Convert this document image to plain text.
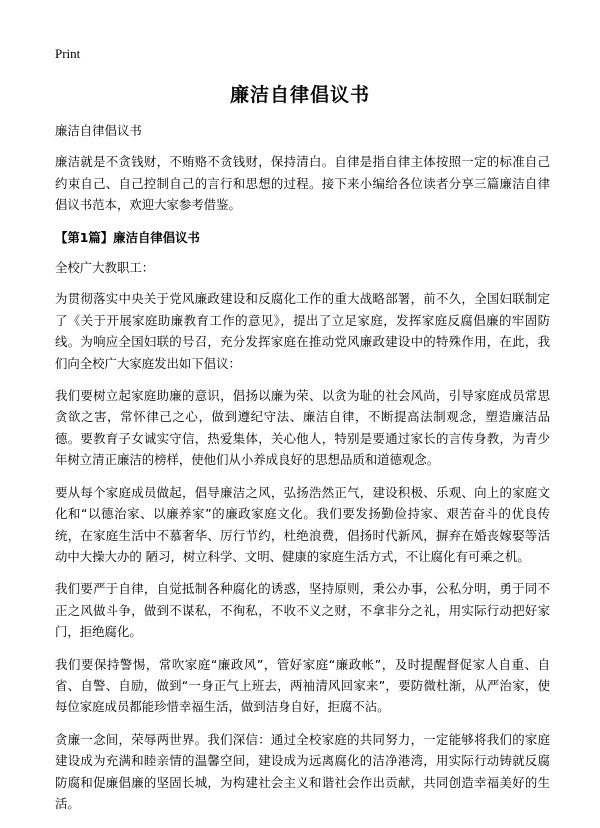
Print
廉洁自律倡议书

廉洁自律倡议书

廉洁就是不贪钱财，不贿赂不贪钱财，保持清白。自律是指自律主体按照一定的标准自己约束自己、自己控制自己的言行和思想的过程。接下来小编给各位读者分享三篇廉洁自律倡议书范本，欢迎大家参考借鉴。

【第1篇】廉洁自律倡议书

全校广大教职工：

为贯彻落实中央关于党风廉政建设和反腐化工作的重大战略部署，前不久，全国妇联制定了《关于开展家庭助廉教育工作的意见》，提出了立足家庭，发挥家庭反腐倡廉的牢固防线。为响应全国妇联的号召，充分发挥家庭在推动党风廉政建设中的特殊作用，在此，我们向全校广大家庭发出如下倡议：

我们要树立起家庭助廉的意识，倡扬以廉为荣、以贪为耻的社会风尚，引导家庭成员常思贪欲之害，常怀律己之心，做到遵纪守法、廉洁自律，不断提高法制观念，塑造廉洁品德。要教育子女诚实守信，热爱集体，关心他人，特别是要通过家长的言传身教，为青少年树立清正廉洁的榜样，使他们从小养成良好的思想品质和道德观念。

要从每个家庭成员做起，倡导廉洁之风，弘扬浩然正气，建设积极、乐观、向上的家庭文化和“以德治家、以廉养家”的廉政家庭文化。我们要发扬勤俭持家、艰苦奋斗的优良传统，在家庭生活中不慕奢华、厉行节约，杜绝浪费，倡扬时代新风，摒弃在婚丧嫁娶等活动中大操大办的 陋习，树立科学、文明、健康的家庭生活方式，不让腐化有可乘之机。

我们要严于自律，自觉抵制各种腐化的诱惑，坚持原则，秉公办事，公私分明，勇于同不正之风做斗争，做到不谋私，不徇私，不收不义之财，不拿非分之礼，用实际行动把好家门，拒绝腐化。

我们要保持警惕，常吹家庭“廉政风”，管好家庭“廉政帐”，及时提醒督促家人自重、自省、自警、自励，做到“一身正气上班去，两袖清风回家来”，要防微杜渐，从严治家，使每位家庭成员都能珍惜幸福生活，做到洁身自好，拒腐不沾。

贪廉一念间，荣辱两世界。我们深信：通过全校家庭的共同努力，一定能够将我们的家庭建设成为充满和睦亲情的温馨空间，建设成为远离腐化的洁净港湾，用实际行动铸就反腐防腐和促廉倡廉的坚固长城，为构建社会主义和谐社会作出贡献，共同创造幸福美好的生活。
